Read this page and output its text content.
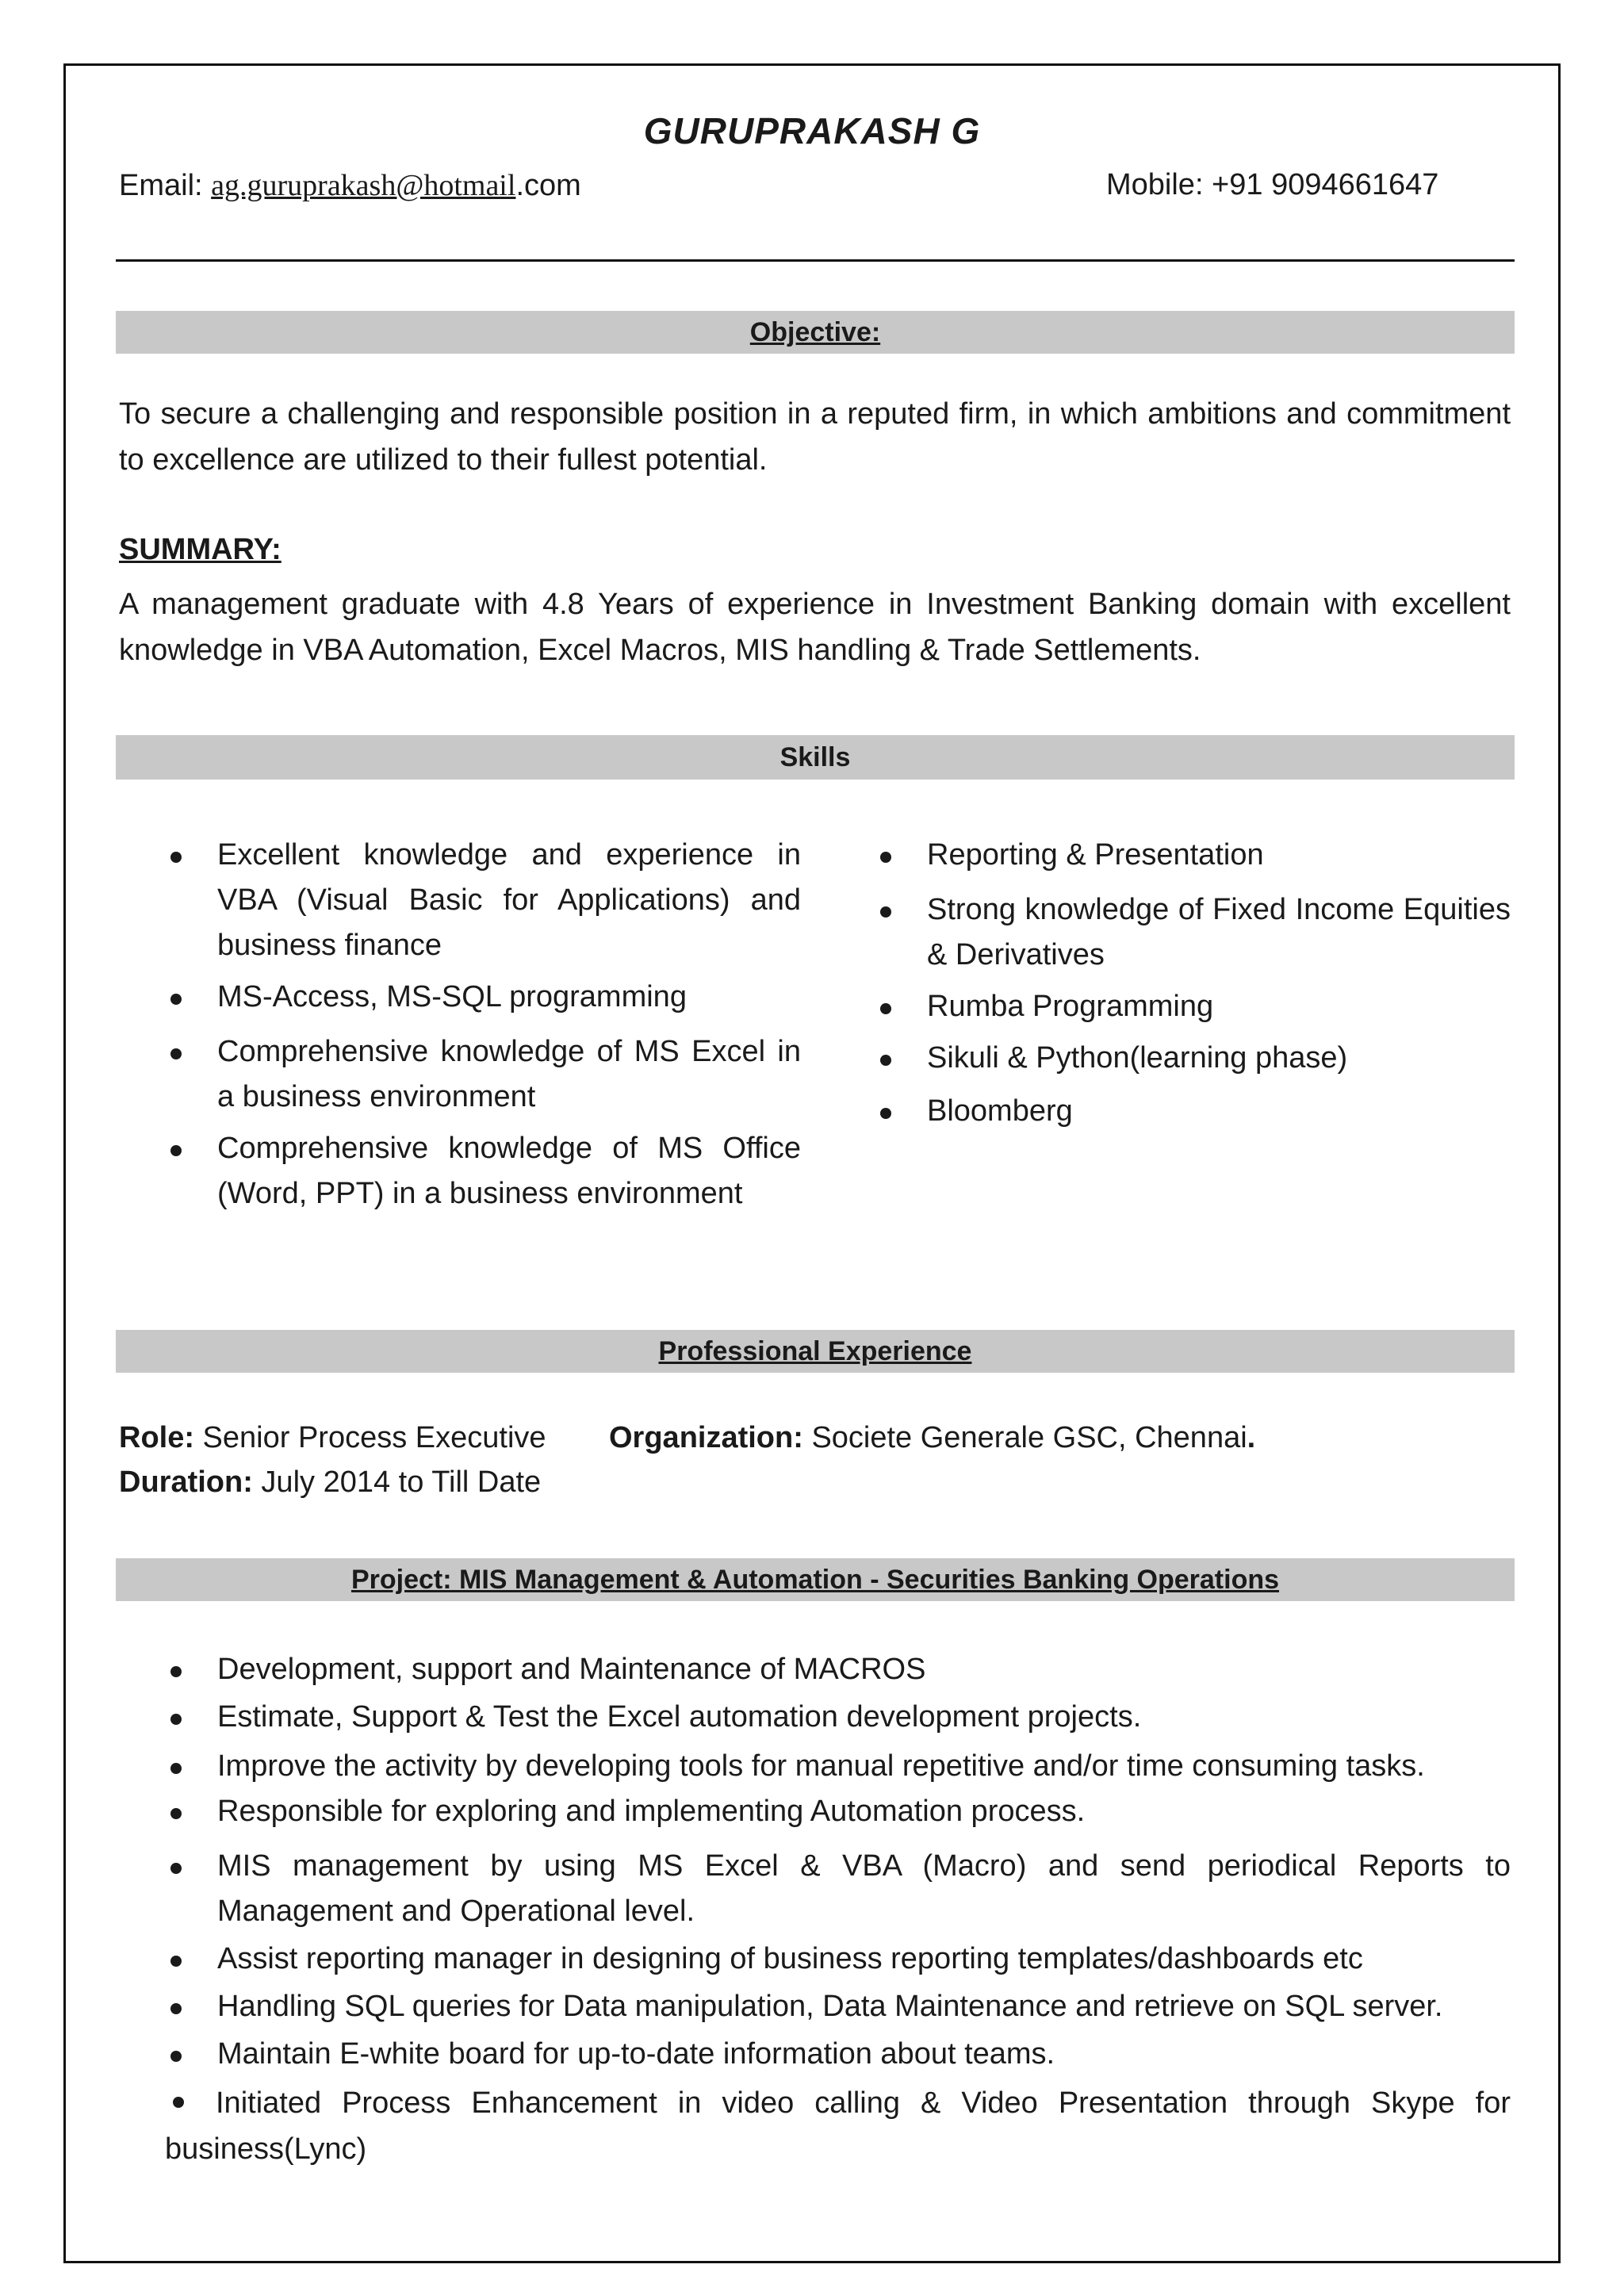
GURUPRAKASH G
Email: ag.guruprakash@hotmail.com	Mobile: +91 9094661647
Objective:
To secure a challenging and responsible position in a reputed firm, in which ambitions and commitment to excellence are utilized to their fullest potential.
SUMMARY:
A management graduate with 4.8 Years of experience in Investment Banking domain with excellent knowledge in VBA Automation, Excel Macros, MIS handling & Trade Settlements.
Skills
Excellent knowledge and experience in VBA (Visual Basic for Applications) and business finance
MS-Access, MS-SQL programming
Comprehensive knowledge of MS Excel in a business environment
Comprehensive knowledge of MS Office (Word, PPT) in a business environment
Reporting & Presentation
Strong knowledge of Fixed Income Equities & Derivatives
Rumba Programming
Sikuli & Python(learning phase)
Bloomberg
Professional Experience
Role: Senior Process Executive Organization: Societe Generale GSC, Chennai.
Duration: July 2014 to Till Date
Project: MIS Management & Automation - Securities Banking Operations
Development, support and Maintenance of MACROS
Estimate, Support & Test the Excel automation development projects.
Improve the activity by developing tools for manual repetitive and/or time consuming tasks.
Responsible for exploring and implementing Automation process.
MIS management by using MS Excel & VBA (Macro) and send periodical Reports to Management and Operational level.
Assist reporting manager in designing of business reporting templates/dashboards etc
Handling SQL queries for Data manipulation, Data Maintenance and retrieve on SQL server.
Maintain E-white board for up-to-date information about teams.
Initiated Process Enhancement in video calling & Video Presentation through Skype for business(Lync)
